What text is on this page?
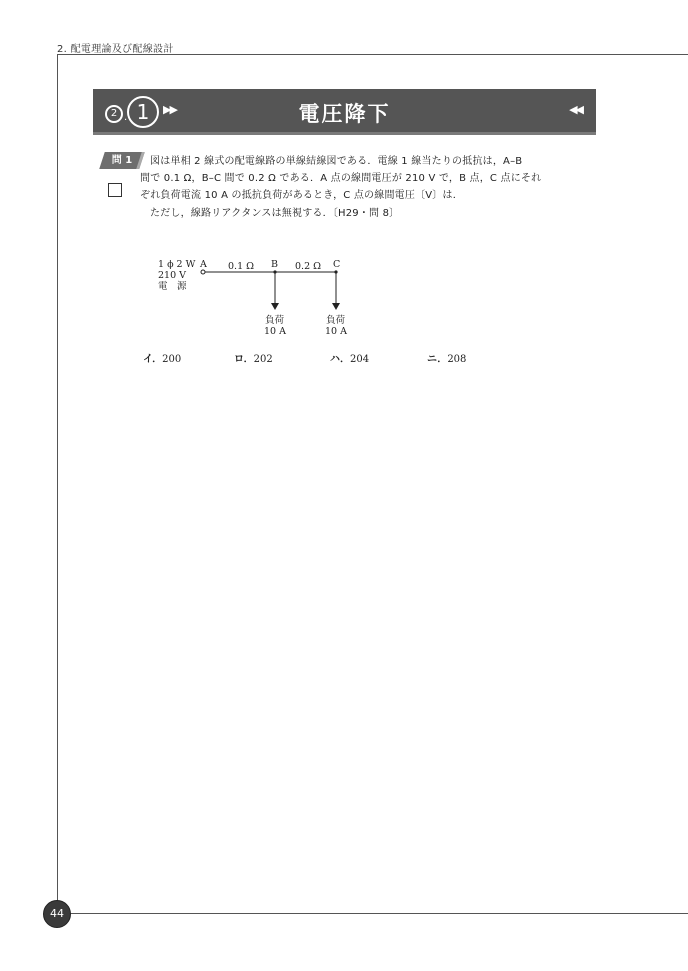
2. 配電理論及び配線設計
44
2 . 1	▶▶	電圧降下	◀◀
問 1	図は単相 2 線式の配電線路の単線結線図である．電線 1 線当たりの抵抗は，A–B
間で 0.1 Ω，B–C 間で 0.2 Ω である．A 点の線間電圧が 210 V で，B 点，C 点にそれ
ぞれ負荷電流 10 A の抵抗負荷があるとき，C 点の線間電圧〔V〕は．
ただし，線路リアクタンスは無視する．〔H29・問 8〕
1 ϕ 2 W
210 V
電　源
A	B	C
0.1 Ω	0.2 Ω
負荷
10 A
負荷
10 A
イ．200	ロ．202	ハ．204	ニ．208
